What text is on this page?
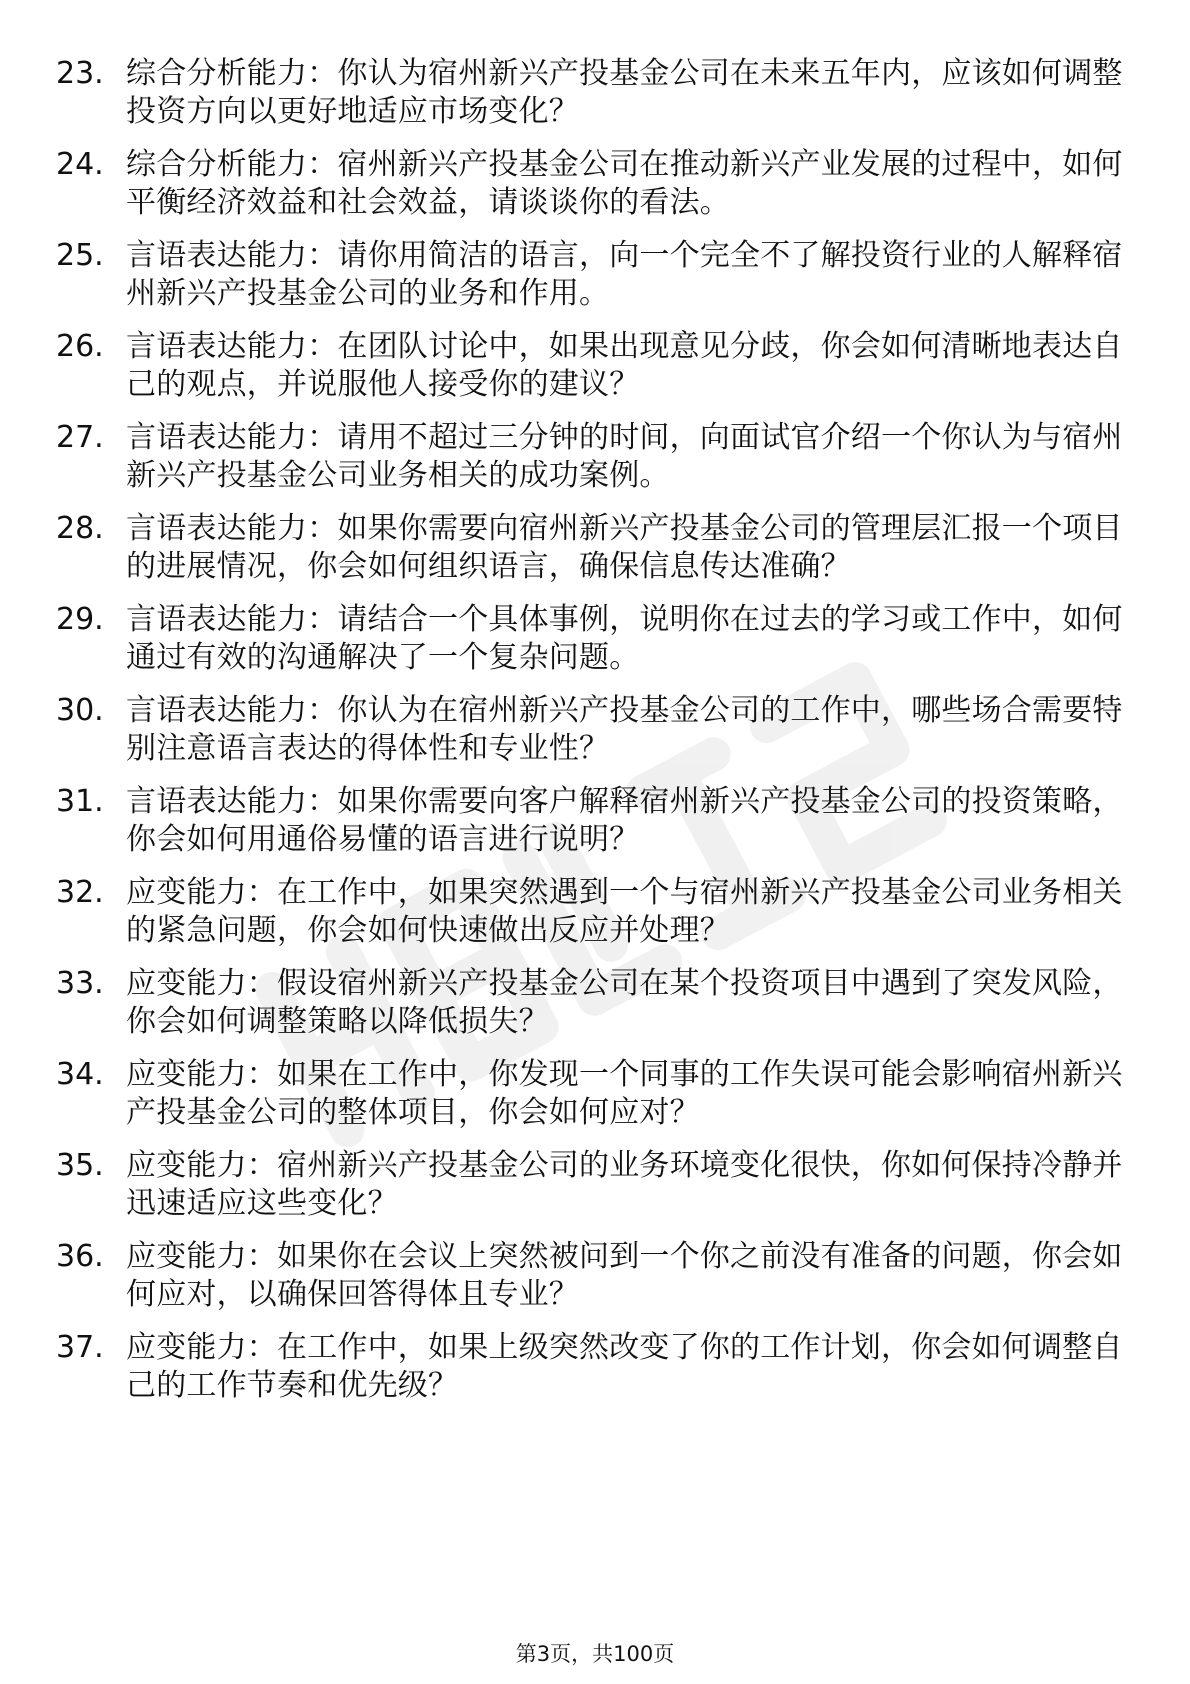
23. 综合分析能力：你认为宿州新兴产投基金公司在未来五年内，应该如何调整投资方向以更好地适应市场变化？
24. 综合分析能力：宿州新兴产投基金公司在推动新兴产业发展的过程中，如何平衡经济效益和社会效益，请谈谈你的看法。
25. 言语表达能力：请你用简洁的语言，向一个完全不了解投资行业的人解释宿州新兴产投基金公司的业务和作用。
26. 言语表达能力：在团队讨论中，如果出现意见分歧，你会如何清晰地表达自己的观点，并说服他人接受你的建议？
27. 言语表达能力：请用不超过三分钟的时间，向面试官介绍一个你认为与宿州新兴产投基金公司业务相关的成功案例。
28. 言语表达能力：如果你需要向宿州新兴产投基金公司的管理层汇报一个项目的进展情况，你会如何组织语言，确保信息传达准确？
29. 言语表达能力：请结合一个具体事例，说明你在过去的学习或工作中，如何通过有效的沟通解决了一个复杂问题。
30. 言语表达能力：你认为在宿州新兴产投基金公司的工作中，哪些场合需要特别注意语言表达的得体性和专业性？
31. 言语表达能力：如果你需要向客户解释宿州新兴产投基金公司的投资策略，你会如何用通俗易懂的语言进行说明？
32. 应变能力：在工作中，如果突然遇到一个与宿州新兴产投基金公司业务相关的紧急问题，你会如何快速做出反应并处理？
33. 应变能力：假设宿州新兴产投基金公司在某个投资项目中遇到了突发风险，你会如何调整策略以降低损失？
34. 应变能力：如果在工作中，你发现一个同事的工作失误可能会影响宿州新兴产投基金公司的整体项目，你会如何应对？
35. 应变能力：宿州新兴产投基金公司的业务环境变化很快，你如何保持冷静并迅速适应这些变化？
36. 应变能力：如果你在会议上突然被问到一个你之前没有准备的问题，你会如何应对，以确保回答得体且专业？
37. 应变能力：在工作中，如果上级突然改变了你的工作计划，你会如何调整自己的工作节奏和优先级？
第3页，共100页
